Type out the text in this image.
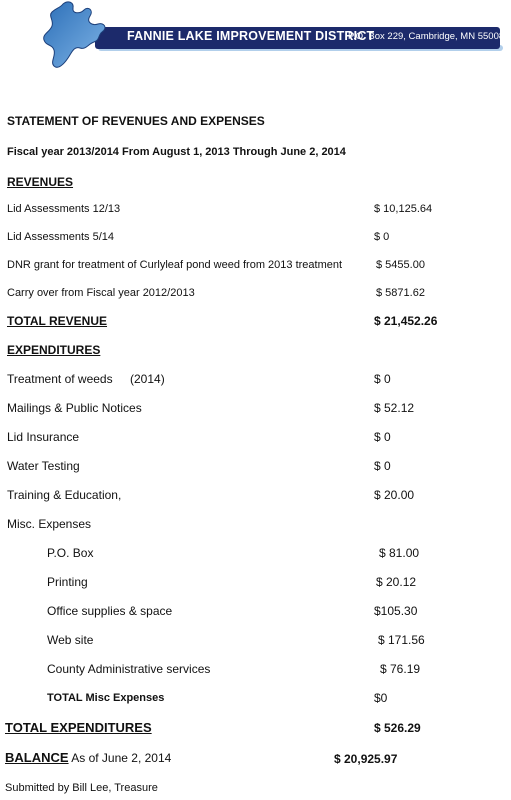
FANNIE LAKE IMPROVEMENT DISTRICT
P.O. Box 229, Cambridge, MN 55008
STATEMENT OF REVENUES AND EXPENSES
Fiscal year 2013/2014 From August 1, 2013 Through June 2, 2014
REVENUES
Lid Assessments 12/13	$ 10,125.64
Lid Assessments 5/14	$ 0
DNR grant for treatment of Curlyleaf pond weed from 2013 treatment	$ 5455.00
Carry over from Fiscal year 2012/2013	$ 5871.62
TOTAL REVENUE	$ 21,452.26
EXPENDITURES
Treatment of weeds (2014)	$ 0
Mailings & Public Notices	$ 52.12
Lid Insurance	$ 0
Water Testing	$ 0
Training & Education,	$ 20.00
Misc. Expenses
P.O. Box	$ 81.00
Printing	$ 20.12
Office supplies & space	$105.30
Web site	$ 171.56
County Administrative services	$ 76.19
TOTAL Misc Expenses	$0
TOTAL EXPENDITURES	$ 526.29
BALANCE As of June 2, 2014	$ 20,925.97
Submitted by Bill Lee, Treasure
